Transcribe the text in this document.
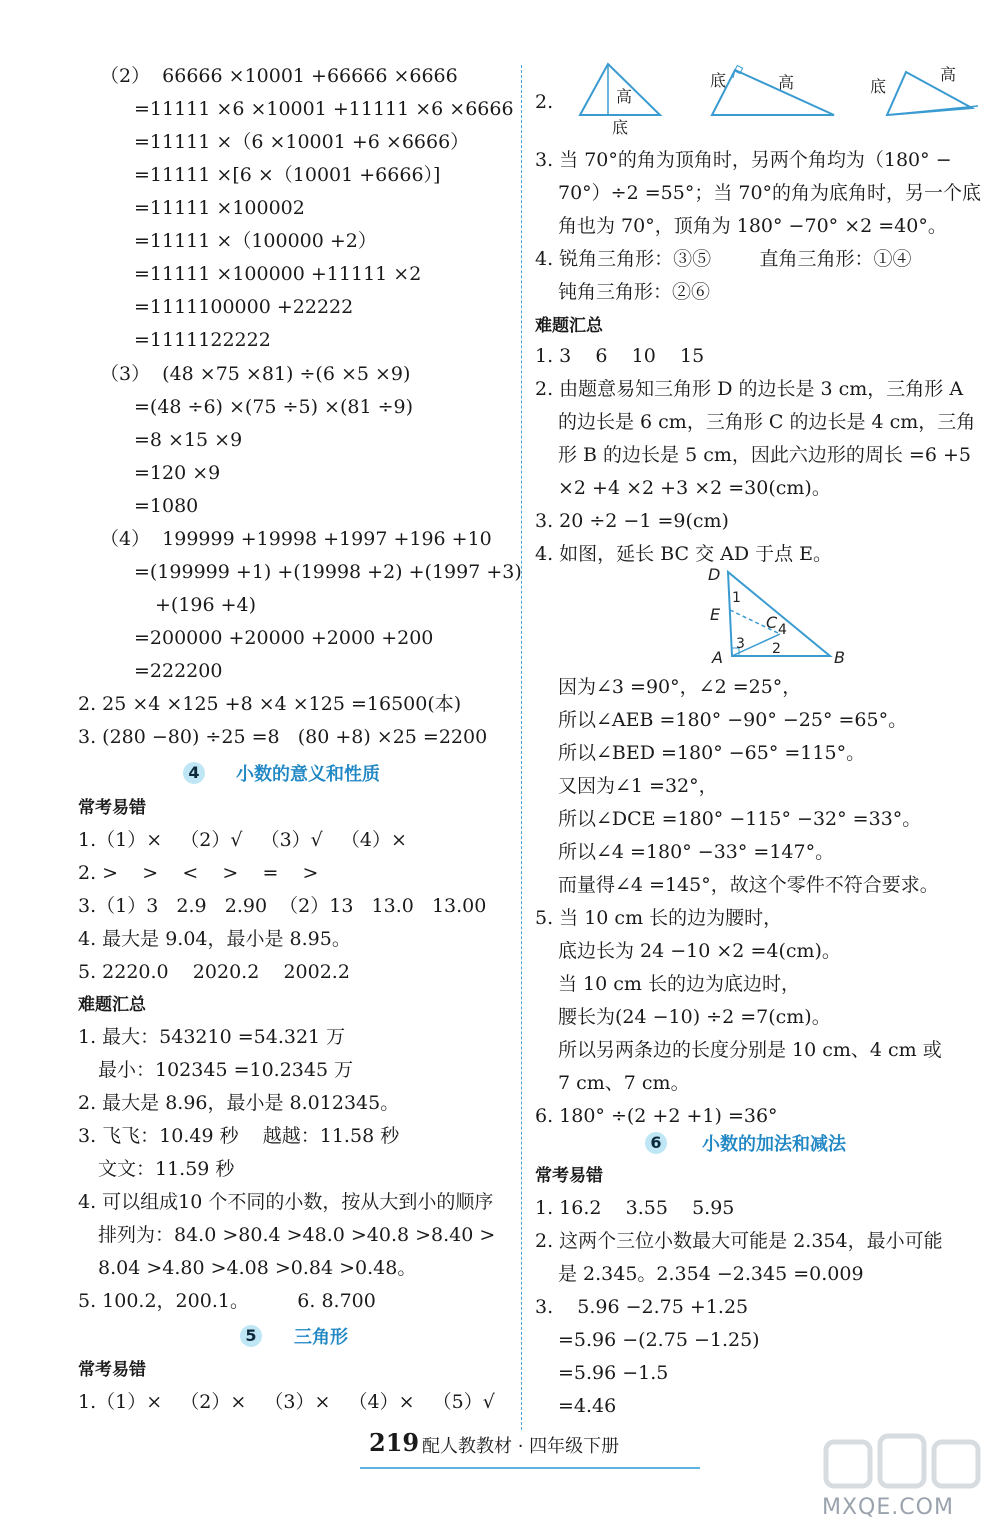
（2）  66666 ×10001 +66666 ×6666
=11111 ×6 ×10001 +11111 ×6 ×6666
=11111 ×（6 ×10001 +6 ×6666）
=11111 ×[6 ×（10001 +6666）]
=11111 ×100002
=11111 ×（100000 +2）
=11111 ×100000 +11111 ×2
=1111100000 +22222
=1111122222
（3）  (48 ×75 ×81) ÷(6 ×5 ×9)
=(48 ÷6) ×(75 ÷5) ×(81 ÷9)
=8 ×15 ×9
=120 ×9
=1080
（4）  199999 +19998 +1997 +196 +10
=(199999 +1) +(19998 +2) +(1997 +3)
+(196 +4)
=200000 +20000 +2000 +200
=222200
2. 25 ×4 ×125 +8 ×4 ×125 =16500(本)
3. (280 −80) ÷25 =8   (80 +8) ×25 =2200
4	小数的意义和性质
常考易错
1.（1）×   （2）√   （3）√   （4）×
2. >    >    <    >    =    >
3.（1）3   2.9   2.90  （2）13   13.0   13.00
4. 最大是 9.04，最小是 8.95。
5. 2220.0    2020.2    2002.2
难题汇总
1. 最大：543210 =54.321 万
最小：102345 =10.2345 万
2. 最大是 8.96，最小是 8.012345。
3. 飞飞：10.49 秒    越越：11.58 秒
文文：11.59 秒
4. 可以组成10 个不同的小数，按从大到小的顺序
排列为：84.0 >80.4 >48.0 >40.8 >8.40 >
8.04 >4.80 >4.08 >0.84 >0.48。
5. 100.2，200.1。        6. 8.700
5	三角形
常考易错
1.（1）×   （2）×   （3）×   （4）×   （5）√
2.	高
底
底	高	底
高
3. 当 70°的角为顶角时，另两个角均为（180° −
70°）÷2 =55°；当 70°的角为底角时，另一个底
角也为 70°，顶角为 180° −70° ×2 =40°。
4. 锐角三角形：③⑤        直角三角形：①④
钝角三角形：②⑥
难题汇总
1. 3    6    10    15
2. 由题意易知三角形 D 的边长是 3 cm，三角形 A
的边长是 6 cm，三角形 C 的边长是 4 cm，三角
形 B 的边长是 5 cm，因此六边形的周长 =6 +5
×2 +4 ×2 +3 ×2 =30(cm)。
3. 20 ÷2 −1 =9(cm)
4. 如图，延长 BC 交 AD 于点 E。
D
E	C
A	B
1
2
3
4
因为∠3 =90°，∠2 =25°，
所以∠AEB =180° −90° −25° =65°。
所以∠BED =180° −65° =115°。
又因为∠1 =32°，
所以∠DCE =180° −115° −32° =33°。
所以∠4 =180° −33° =147°。
而量得∠4 =145°，故这个零件不符合要求。
5. 当 10 cm 长的边为腰时，
底边长为 24 −10 ×2 =4(cm)。
当 10 cm 长的边为底边时，
腰长为(24 −10) ÷2 =7(cm)。
所以另两条边的长度分别是 10 cm、4 cm 或
7 cm、7 cm。
6. 180° ÷(2 +2 +1) =36°
6	小数的加法和减法
常考易错
1. 16.2    3.55    5.95
2. 这两个三位小数最大可能是 2.354，最小可能
是 2.345。2.354 −2.345 =0.009
3.    5.96 −2.75 +1.25
=5.96 −(2.75 −1.25)
=5.96 −1.5
=4.46
219 配人教教材 · 四年级下册
MXQE.COM
